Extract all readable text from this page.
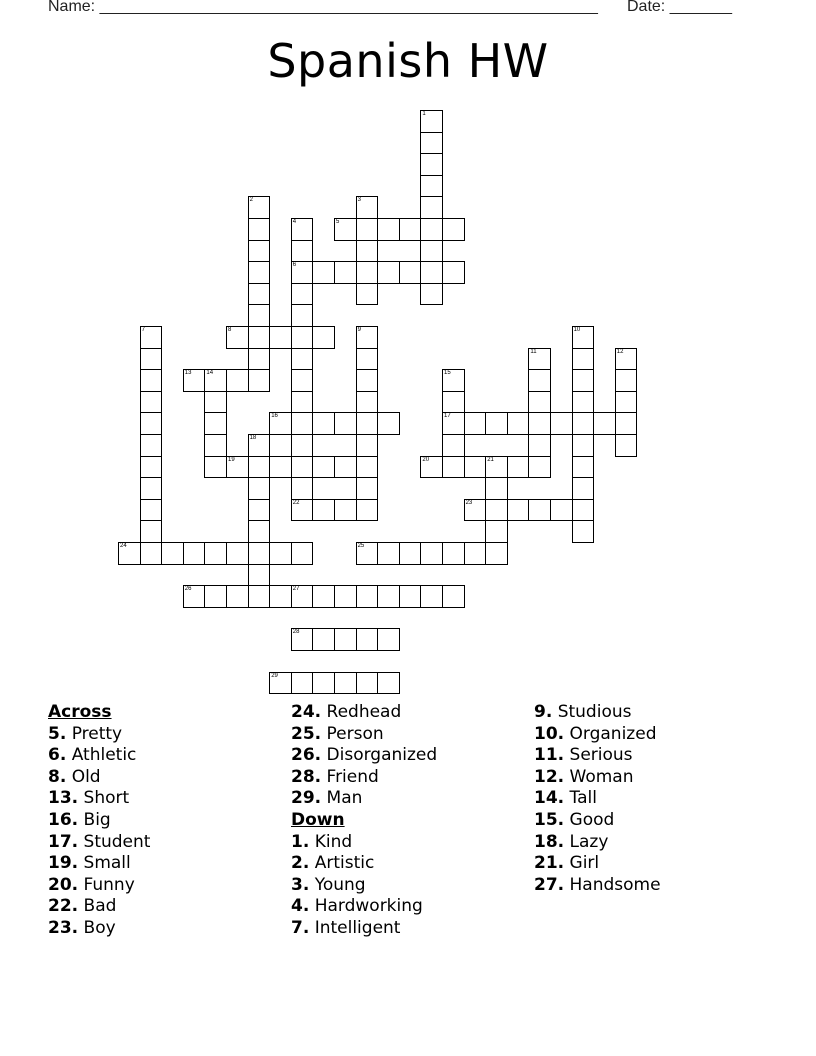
Name: ________________________________________________________ Date: _______
Spanish HW
1
2	3
4
6
5
7	8	9	10
11	12
13 14	15
17
16
18
19	20	21
22	23
24	25
26	27
28
29
Across
5. Pretty
6. Athletic
8. Old
13. Short
16. Big
17. Student
19. Small
20. Funny
22. Bad
23. Boy
24. Redhead
25. Person
26. Disorganized
28. Friend
29. Man
Down
1. Kind
2. Artistic
3. Young
4. Hardworking
7. Intelligent
9. Studious
10. Organized
11. Serious
12. Woman
14. Tall
15. Good
18. Lazy
21. Girl
27. Handsome
